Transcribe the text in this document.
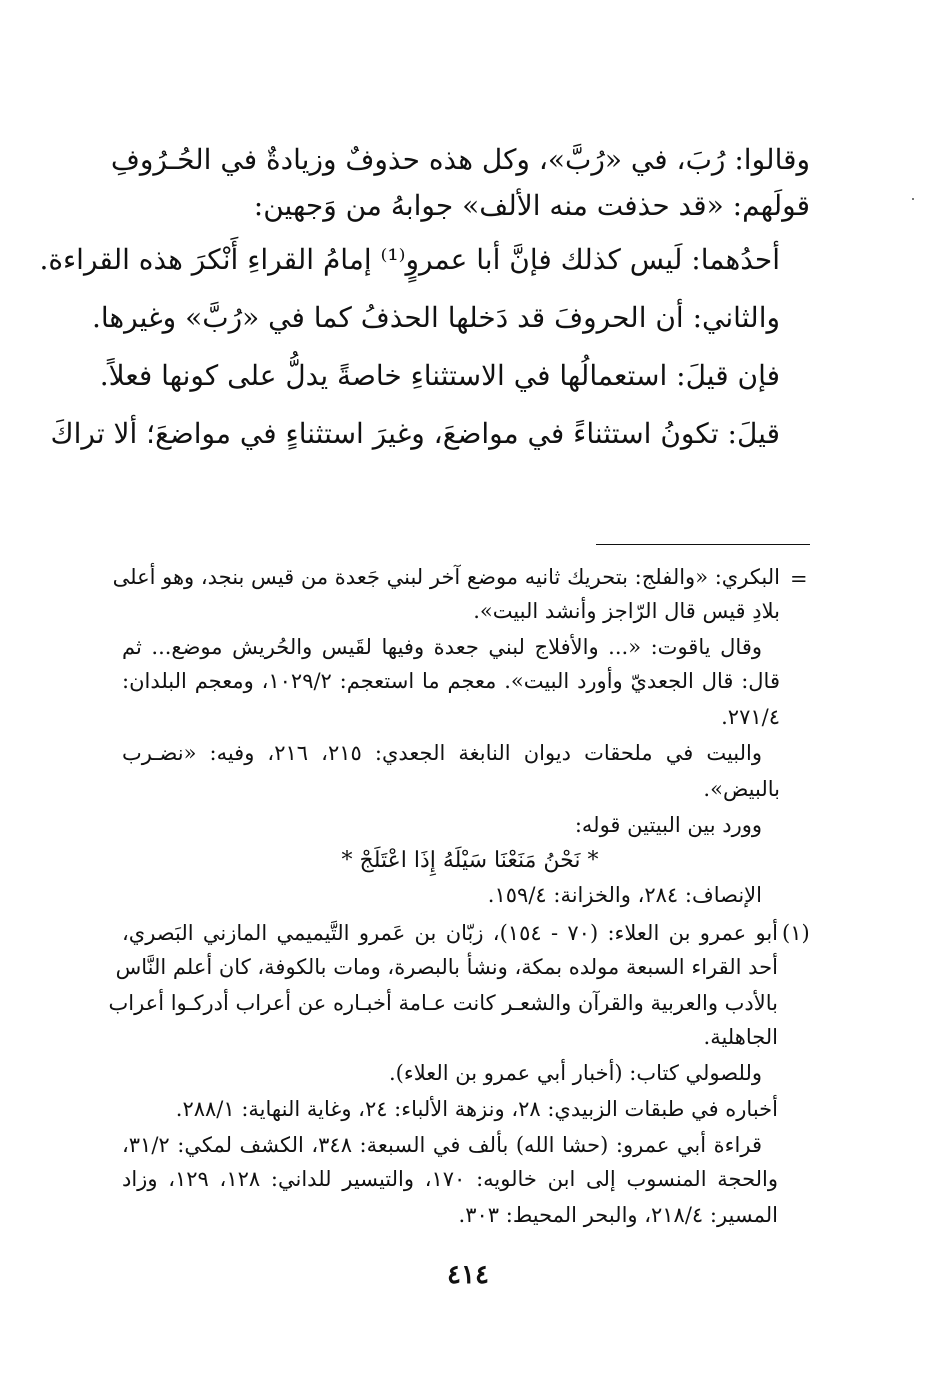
وقالوا: رُبَ، في «رُبَّ»، وكل هذه حذوفٌ وزيادةٌ في الحُـرُوفِ
قولَهم: «قد حذفت منه الألف» جوابهُ من وَجهين:
أحدُهما: لَيس كذلك فإنَّ أبا عمروٍ⁽¹⁾ إمامُ القراءِ أَنْكرَ هذه القراءة.
والثاني: أن الحروفَ قد دَخلها الحذفُ كما في «رُبَّ» وغيرها.
فإن قيلَ: استعمالُها في الاستثناءِ خاصةً يدلُّ على كونها فعلاً.
قيلَ: تكونُ استثناءً في مواضعَ، وغيرَ استثناءٍ في مواضعَ؛ ألا تراكَ
=
(١)
البكري: «والفلج: بتحريك ثانيه موضع آخر لبني جَعدة من قيس بنجد، وهو أعلى
بلادِ قيس قال الرّاجز وأنشد البيت».
وقال ياقوت: «... والأفلاج لبني جعدة وفيها لقَيس والحُريش موضع... ثم
قال: قال الجعديّ وأورد البيت». معجم ما استعجم: ١٠٢٩/٢، ومعجم البلدان:
٢٧١/٤.
والبيت في ملحقات ديوان النابغة الجعدي: ٢١٥، ٢١٦، وفيه: «نضـرب
بالبيض».
وورد بين البيتين قوله:
* نَحْنُ مَنَعْنَا سَيْلَهُ إِذَا اعْتَلَجْ *
الإنصاف: ٢٨٤، والخزانة: ١٥٩/٤.
أبو عمرو بن العلاء: (٧٠ - ١٥٤)، زبّان بن عَمرو التَّيميمي المازني البَصري،
أحد القراء السبعة مولده بمكة، ونشأ بالبصرة، ومات بالكوفة، كان أعلم النَّاس
بالأدب والعربية والقرآن والشعـر كانت عـامة أخبـاره عن أعراب أدركـوا أعراب
الجاهلية.
وللصولي كتاب: (أخبار أبي عمرو بن العلاء).
أخباره في طبقات الزبيدي: ٢٨، ونزهة الألباء: ٢٤، وغاية النهاية: ٢٨٨/١.
قراءة أبي عمرو: (حشا الله) بألف في السبعة: ٣٤٨، الكشف لمكي: ٣١/٢،
والحجة المنسوب إلى ابن خالويه: ١٧٠، والتيسير للداني: ١٢٨، ١٢٩، وزاد
المسير: ٢١٨/٤، والبحر المحيط: ٣٠٣.
٤١٤
